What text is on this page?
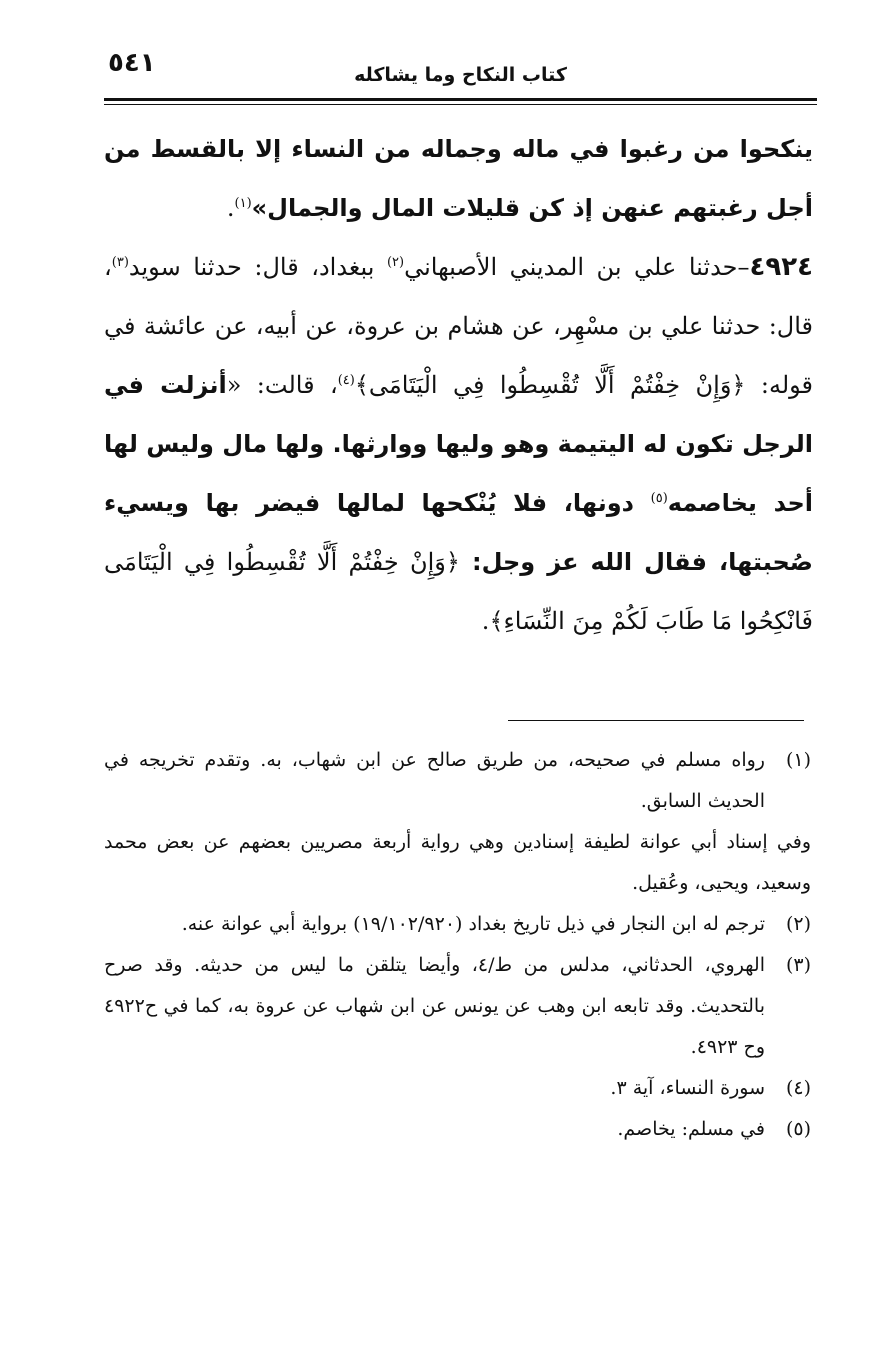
٥٤١	كتاب النكاح وما يشاكله

ينكحوا من رغبوا في ماله وجماله من النساء إلا بالقسط من أجل رغبتهم عنهن إذ كن قليلات المال والجمال»$^{(١)}$.

٤٩٢٤–حدثنا علي بن المديني الأصبهاني$^{(٢)}$ ببغداد، قال: حدثنا سويد$^{(٣)}$، قال: حدثنا علي بن مسْهِر، عن هشام بن عروة، عن أبيه، عن عائشة في قوله: ﴿وَإِنْ خِفْتُمْ أَلَّا تُقْسِطُوا فِي الْيَتَامَى﴾$^{(٤)}$، قالت: «أنزلت في الرجل تكون له اليتيمة وهو وليها ووارثها. ولها مال وليس لها أحد يخاصمه$^{(٥)}$ دونها، فلا يُنْكحها لمالها فيضر بها ويسيء صُحبتها، فقال الله عز وجل: ﴿وَإِنْ خِفْتُمْ أَلَّا تُقْسِطُوا فِي الْيَتَامَى فَانْكِحُوا مَا طَابَ لَكُمْ مِنَ النِّسَاءِ﴾.

(١)رواه مسلم في صحيحه، من طريق صالح عن ابن شهاب، به. وتقدم تخريجه في الحديث السابق.

وفي إسناد أبي عوانة لطيفة إسنادين وهي رواية أربعة مصريين بعضهم عن بعض محمد وسعيد، ويحيى، وعُقيل.

(٢)ترجم له ابن النجار في ذيل تاريخ بغداد (١٩/١٠٢/٩٢٠) برواية أبي عوانة عنه.

(٣)الهروي، الحدثاني، مدلس من ط/٤، وأيضا يتلقن ما ليس من حديثه. وقد صرح بالتحديث. وقد تابعه ابن وهب عن يونس عن ابن شهاب عن عروة به، كما في ح٤٩٢٢ وح ٤٩٢٣.

(٤)سورة النساء، آية ٣.

(٥)في مسلم: يخاصم.
